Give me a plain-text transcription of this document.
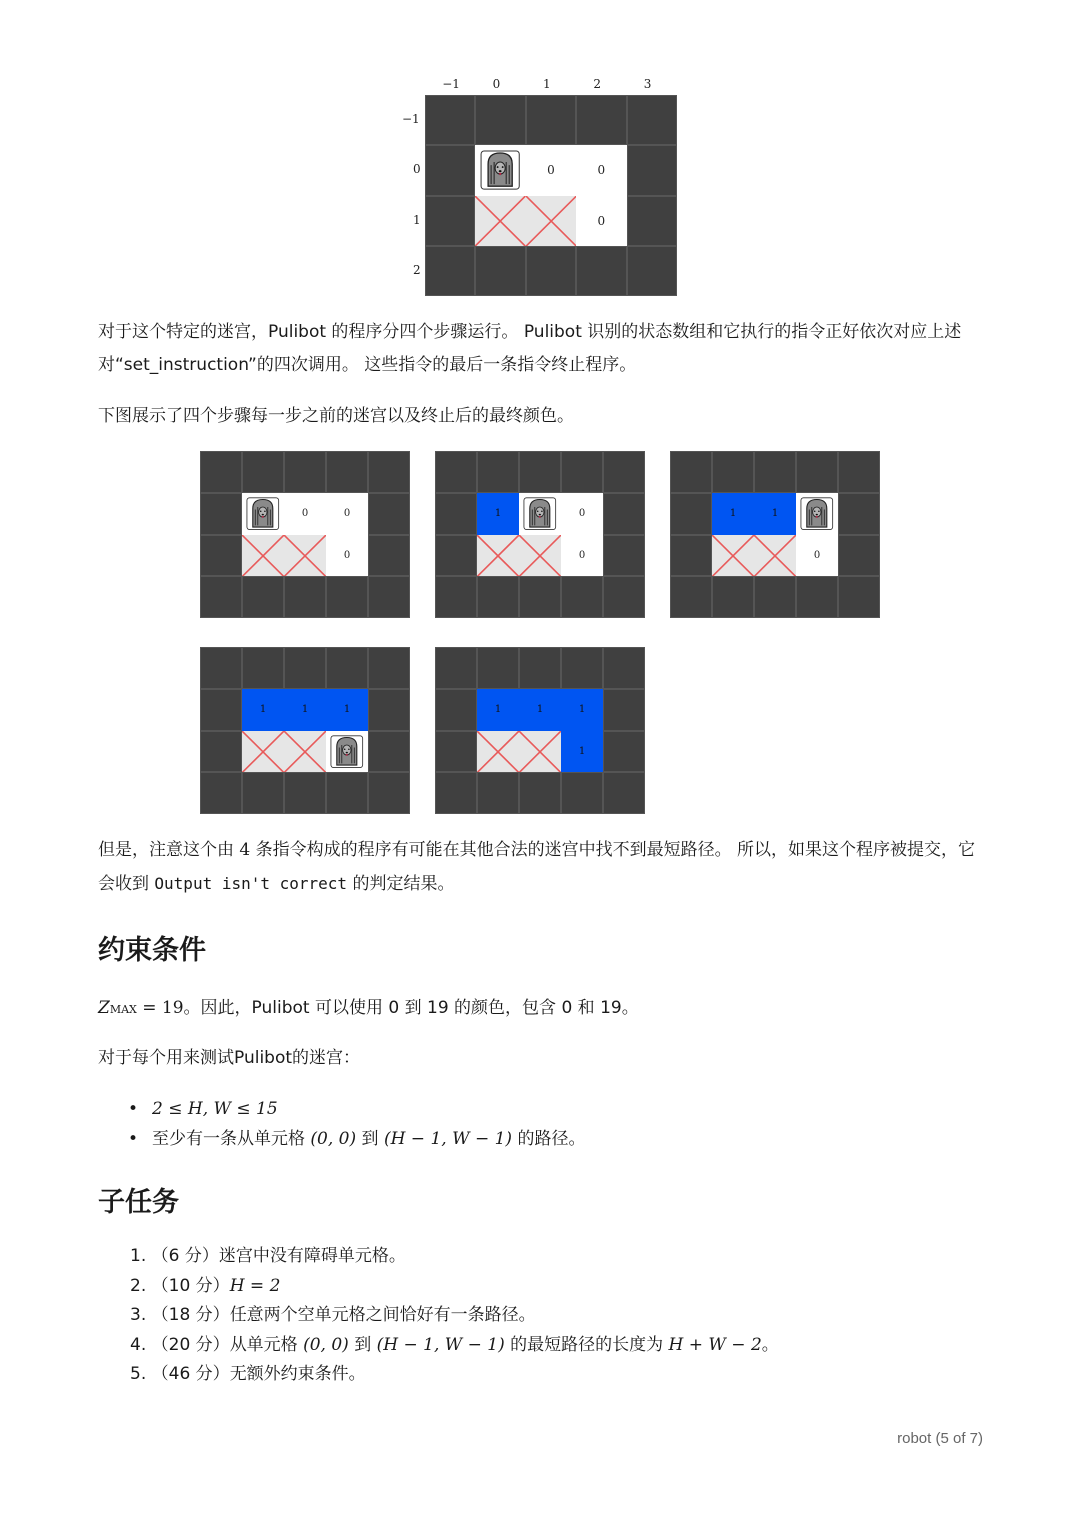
−1	0	1	2	3
−1
0
1
2
0	0
0
对于这个特定的迷宫，Pulibot 的程序分四个步骤运行。 Pulibot 识别的状态数组和它执行的指令正好依次对应上述对“set_instruction”的四次调用。 这些指令的最后一条指令终止程序。
下图展示了四个步骤每一步之前的迷宫以及终止后的最终颜色。
0	0
0
1	0
0
1	1
0
1	1	1	1	1	1
1
但是，注意这个由 4 条指令构成的程序有可能在其他合法的迷宫中找不到最短路径。 所以，如果这个程序被提交，它会收到 Output isn't correct 的判定结果。
约束条件
ZMAX = 19。因此，Pulibot 可以使用 0 到 19 的颜色，包含 0 和 19。
对于每个用来测试Pulibot的迷宫：
• 2 ≤ H, W ≤ 15
• 至少有一条从单元格 (0, 0) 到 (H − 1, W − 1) 的路径。
子任务
1. （6 分）迷宫中没有障碍单元格。
2. （10 分）H = 2
3. （18 分）任意两个空单元格之间恰好有一条路径。
4. （20 分）从单元格 (0, 0) 到 (H − 1, W − 1) 的最短路径的长度为 H + W − 2。
5. （46 分）无额外约束条件。
robot (5 of 7)
